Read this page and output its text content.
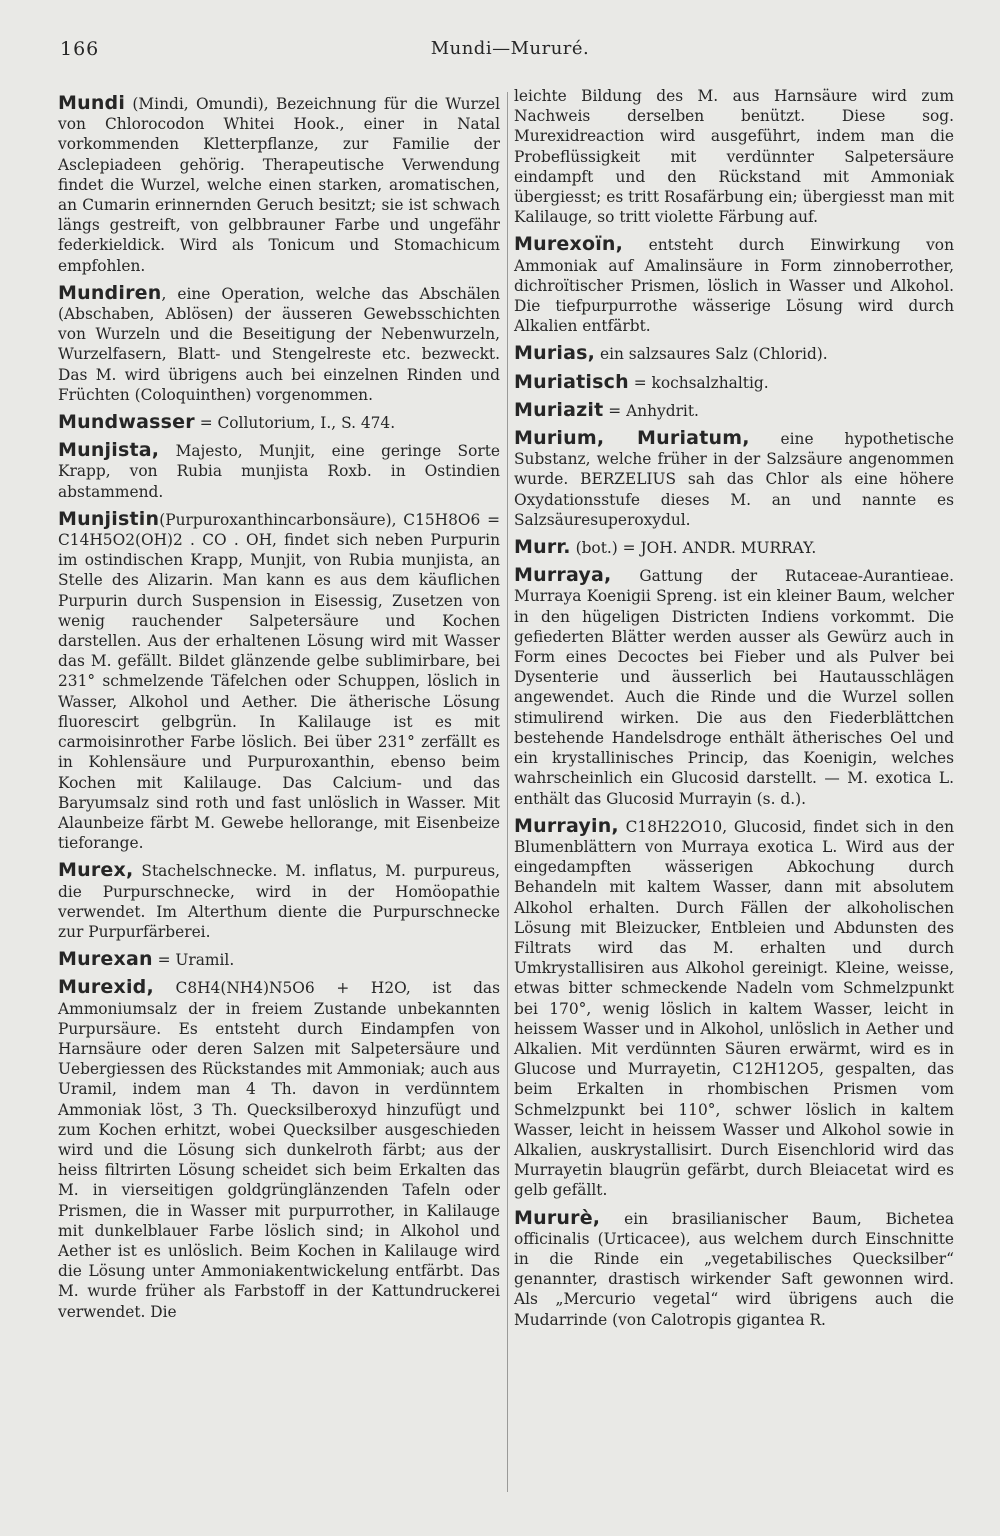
166	Mundi—Mururé.

Mundi (Mindi, Omundi), Bezeichnung für die Wurzel von Chlorocodon Whitei Hook., einer in Natal vorkommenden Kletterpflanze, zur Familie der Asclepiadeen gehörig. Therapeutische Verwendung findet die Wurzel, welche einen starken, aromatischen, an Cumarin erinnernden Geruch besitzt; sie ist schwach längs gestreift, von gelbbrauner Farbe und ungefähr federkieldick. Wird als Tonicum und Stomachicum empfohlen.

Mundiren, eine Operation, welche das Abschälen (Abschaben, Ablösen) der äusseren Gewebsschichten von Wurzeln und die Beseitigung der Nebenwurzeln, Wurzelfasern, Blatt- und Stengelreste etc. bezweckt. Das M. wird übrigens auch bei einzelnen Rinden und Früchten (Coloquinthen) vorgenommen.

Mundwasser = Collutorium, I., S. 474.

Munjista, Majesto, Munjit, eine geringe Sorte Krapp, von Rubia munjista Roxb. in Ostindien abstammend.

Munjistin(Purpuroxanthincarbonsäure), C15H8O6 = C14H5O2(OH)2 . CO . OH, findet sich neben Purpurin im ostindischen Krapp, Munjit, von Rubia munjista, an Stelle des Alizarin. Man kann es aus dem käuflichen Purpurin durch Suspension in Eisessig, Zusetzen von wenig rauchender Salpetersäure und Kochen darstellen. Aus der erhaltenen Lösung wird mit Wasser das M. gefällt. Bildet glänzende gelbe sublimirbare, bei 231° schmelzende Täfelchen oder Schuppen, löslich in Wasser, Alkohol und Aether. Die ätherische Lösung fluorescirt gelbgrün. In Kalilauge ist es mit carmoisinrother Farbe löslich. Bei über 231° zerfällt es in Kohlensäure und Purpuroxanthin, ebenso beim Kochen mit Kalilauge. Das Calcium- und das Baryumsalz sind roth und fast unlöslich in Wasser. Mit Alaunbeize färbt M. Gewebe hellorange, mit Eisenbeize tieforange.

Murex, Stachelschnecke. M. inflatus, M. purpureus, die Purpurschnecke, wird in der Homöopathie verwendet. Im Alterthum diente die Purpurschnecke zur Purpurfärberei.

Murexan = Uramil.

Murexid, C8H4(NH4)N5O6 + H2O, ist das Ammoniumsalz der in freiem Zustande unbekannten Purpursäure. Es entsteht durch Eindampfen von Harnsäure oder deren Salzen mit Salpetersäure und Uebergiessen des Rückstandes mit Ammoniak; auch aus Uramil, indem man 4 Th. davon in verdünntem Ammoniak löst, 3 Th. Quecksilberoxyd hinzufügt und zum Kochen erhitzt, wobei Quecksilber ausgeschieden wird und die Lösung sich dunkelroth färbt; aus der heiss filtrirten Lösung scheidet sich beim Erkalten das M. in vierseitigen goldgrünglänzenden Tafeln oder Prismen, die in Wasser mit purpurrother, in Kalilauge mit dunkelblauer Farbe löslich sind; in Alkohol und Aether ist es unlöslich. Beim Kochen in Kalilauge wird die Lösung unter Ammoniakentwickelung entfärbt. Das M. wurde früher als Farbstoff in der Kattundruckerei verwendet. Die

leichte Bildung des M. aus Harnsäure wird zum Nachweis derselben benützt. Diese sog. Murexidreaction wird ausgeführt, indem man die Probeflüssigkeit mit verdünnter Salpetersäure eindampft und den Rückstand mit Ammoniak übergiesst; es tritt Rosafärbung ein; übergiesst man mit Kalilauge, so tritt violette Färbung auf.

Murexoïn, entsteht durch Einwirkung von Ammoniak auf Amalinsäure in Form zinnoberrother, dichroïtischer Prismen, löslich in Wasser und Alkohol. Die tiefpurpurrothe wässerige Lösung wird durch Alkalien entfärbt.

Murias, ein salzsaures Salz (Chlorid).

Muriatisch = kochsalzhaltig.

Muriazit = Anhydrit.

Murium, Muriatum, eine hypothetische Substanz, welche früher in der Salzsäure angenommen wurde. BERZELIUS sah das Chlor als eine höhere Oxydationsstufe dieses M. an und nannte es Salzsäuresuperoxydul.

Murr. (bot.) = JOH. ANDR. MURRAY.

Murraya, Gattung der Rutaceae-Aurantieae. Murraya Koenigii Spreng. ist ein kleiner Baum, welcher in den hügeligen Districten Indiens vorkommt. Die gefiederten Blätter werden ausser als Gewürz auch in Form eines Decoctes bei Fieber und als Pulver bei Dysenterie und äusserlich bei Hautausschlägen angewendet. Auch die Rinde und die Wurzel sollen stimulirend wirken. Die aus den Fiederblättchen bestehende Handelsdroge enthält ätherisches Oel und ein krystallinisches Princip, das Koenigin, welches wahrscheinlich ein Glucosid darstellt. — M. exotica L. enthält das Glucosid Murrayin (s. d.).

Murrayin, C18H22O10, Glucosid, findet sich in den Blumenblättern von Murraya exotica L. Wird aus der eingedampften wässerigen Abkochung durch Behandeln mit kaltem Wasser, dann mit absolutem Alkohol erhalten. Durch Fällen der alkoholischen Lösung mit Bleizucker, Entbleien und Abdunsten des Filtrats wird das M. erhalten und durch Umkrystallisiren aus Alkohol gereinigt. Kleine, weisse, etwas bitter schmeckende Nadeln vom Schmelzpunkt bei 170°, wenig löslich in kaltem Wasser, leicht in heissem Wasser und in Alkohol, unlöslich in Aether und Alkalien. Mit verdünnten Säuren erwärmt, wird es in Glucose und Murrayetin, C12H12O5, gespalten, das beim Erkalten in rhombischen Prismen vom Schmelzpunkt bei 110°, schwer löslich in kaltem Wasser, leicht in heissem Wasser und Alkohol sowie in Alkalien, auskrystallisirt. Durch Eisenchlorid wird das Murrayetin blaugrün gefärbt, durch Bleiacetat wird es gelb gefällt.

Mururè, ein brasilianischer Baum, Bichetea officinalis (Urticacee), aus welchem durch Einschnitte in die Rinde ein „vegetabilisches Quecksilber“ genannter, drastisch wirkender Saft gewonnen wird. Als „Mercurio vegetal“ wird übrigens auch die Mudarrinde (von Calotropis gigantea R.
